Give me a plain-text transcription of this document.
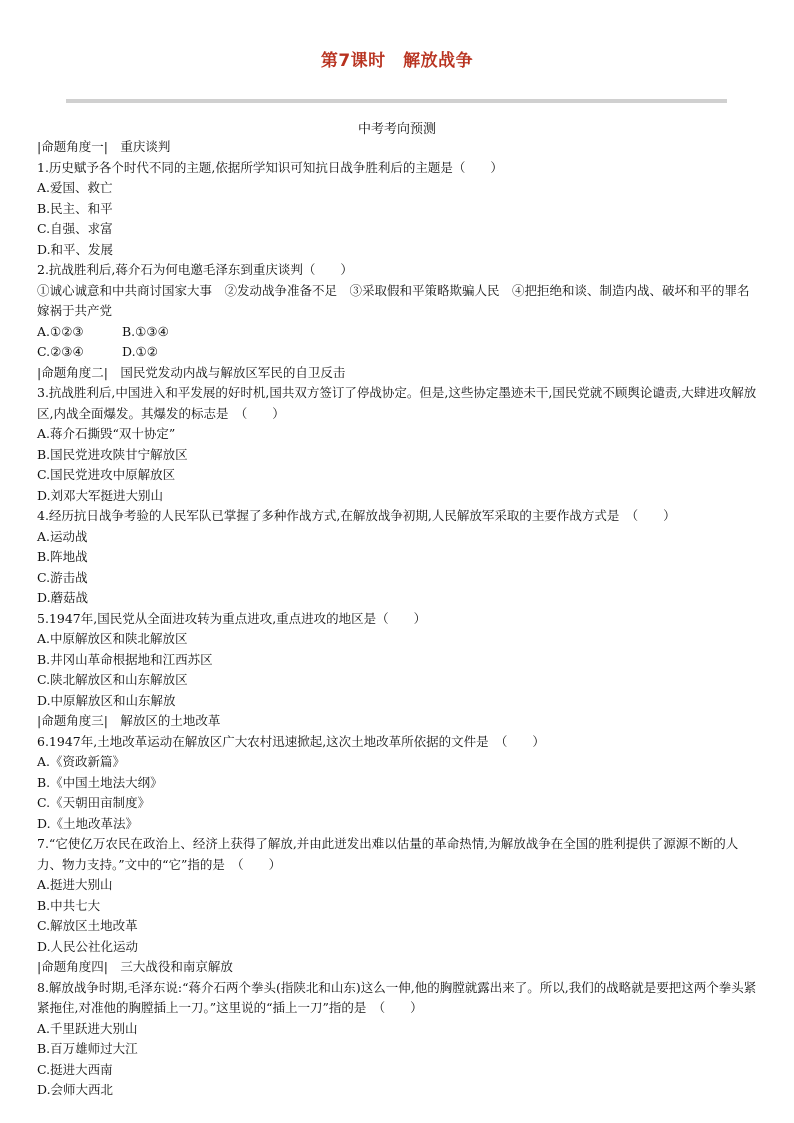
第7课时　解放战争
中考考向预测
|命题角度一|　重庆谈判
1.历史赋予各个时代不同的主题,依据所学知识可知抗日战争胜利后的主题是（　　）
A.爱国、救亡
B.民主、和平
C.自强、求富
D.和平、发展
2.抗战胜利后,蒋介石为何电邀毛泽东到重庆谈判（　　）
①诚心诚意和中共商讨国家大事　②发动战争准备不足　③采取假和平策略欺骗人民　④把拒绝和谈、制造内战、破坏和平的罪名嫁祸于共产党
A.①②③	B.①③④
C.②③④	D.①②
|命题角度二|　国民党发动内战与解放区军民的自卫反击
3.抗战胜利后,中国进入和平发展的好时机,国共双方签订了停战协定。但是,这些协定墨迹未干,国民党就不顾舆论谴责,大肆进攻解放区,内战全面爆发。其爆发的标志是　（　　）
A.蒋介石撕毁“双十协定”
B.国民党进攻陕甘宁解放区
C.国民党进攻中原解放区
D.刘邓大军挺进大别山
4.经历抗日战争考验的人民军队已掌握了多种作战方式,在解放战争初期,人民解放军采取的主要作战方式是　（　　）
A.运动战
B.阵地战
C.游击战
D.蘑菇战
5.1947年,国民党从全面进攻转为重点进攻,重点进攻的地区是（　　）
A.中原解放区和陕北解放区
B.井冈山革命根据地和江西苏区
C.陕北解放区和山东解放区
D.中原解放区和山东解放
|命题角度三|　解放区的土地改革
6.1947年,土地改革运动在解放区广大农村迅速掀起,这次土地改革所依据的文件是　（　　）
A.《资政新篇》
B.《中国土地法大纲》
C.《天朝田亩制度》
D.《土地改革法》
7.“它使亿万农民在政治上、经济上获得了解放,并由此迸发出难以估量的革命热情,为解放战争在全国的胜利提供了源源不断的人力、物力支持。”文中的“它”指的是　（　　）
A.挺进大别山
B.中共七大
C.解放区土地改革
D.人民公社化运动
|命题角度四|　三大战役和南京解放
8.解放战争时期,毛泽东说:“蒋介石两个拳头(指陕北和山东)这么一伸,他的胸膛就露出来了。所以,我们的战略就是要把这两个拳头紧紧拖住,对准他的胸膛插上一刀。”这里说的“插上一刀”指的是　（　　）
A.千里跃进大别山
B.百万雄师过大江
C.挺进大西南
D.会师大西北
